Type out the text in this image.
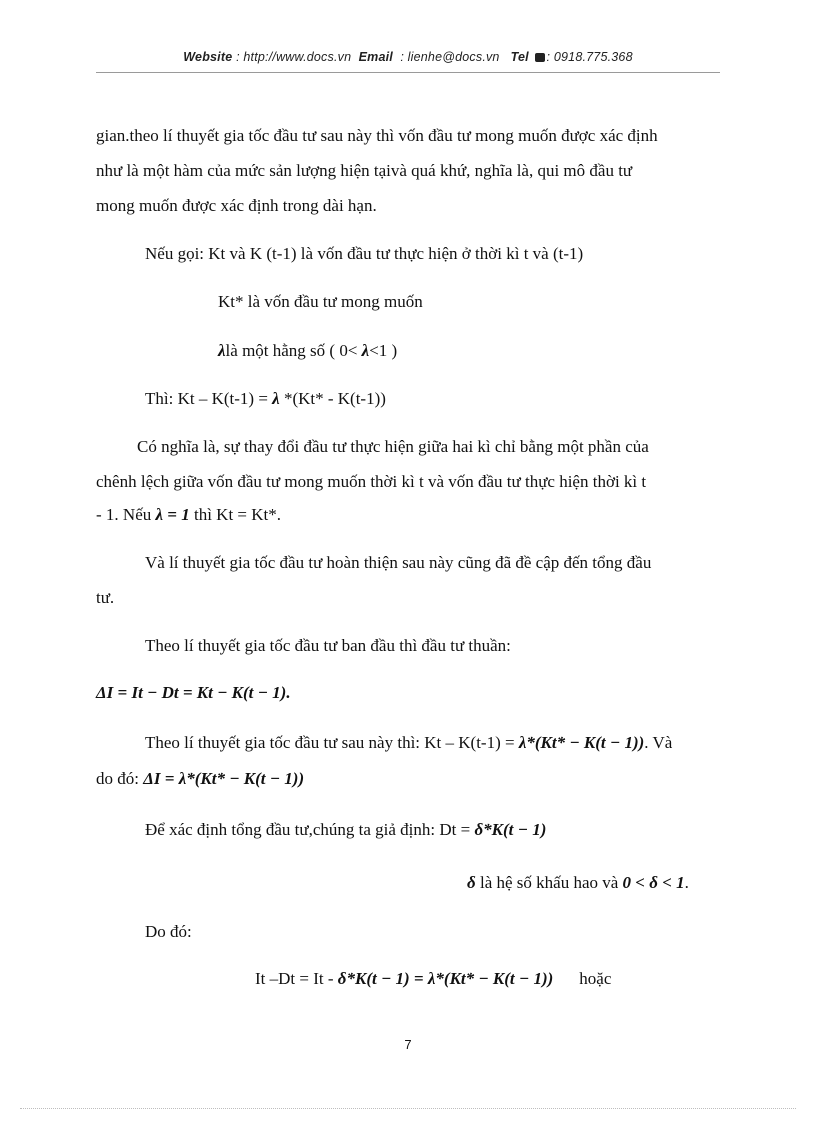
Website : http://www.docs.vn Email : lienhe@docs.vn Tel : 0918.775.368
gian.theo lí thuyết gia tốc đầu tư sau này thì vốn đầu tư mong muốn được xác định
như là một hàm của mức sản lượng hiện tạivà quá khứ, nghĩa là, qui mô đầu tư
mong muốn được xác định trong dài hạn.
Nếu gọi: Kt và K (t-1) là vốn đầu tư thực hiện ở thời kì t và (t-1)
Kt* là vốn đầu tư mong muốn
λlà một hằng số ( 0< λ<1 )
Thì: Kt – K(t-1) = λ *(Kt* - K(t-1))
Có nghĩa là, sự thay đổi đầu tư thực hiện giữa hai kì chỉ bằng một phần của
chênh lệch giữa vốn đầu tư mong muốn thời kì t và vốn đầu tư thực hiện thời kì t
- 1. Nếu λ = 1 thì Kt = Kt*.
Và lí thuyết gia tốc đầu tư hoàn thiện sau này cũng đã đề cập đến tổng đầu
tư.
Theo lí thuyết gia tốc đầu tư ban đầu thì đầu tư thuần:
ΔI = It − Dt = Kt − K(t − 1).
Theo lí thuyết gia tốc đầu tư sau này thì: Kt – K(t-1) = λ*(Kt* − K(t − 1)). Và
do đó: ΔI = λ*(Kt* − K(t − 1))
Để xác định tổng đầu tư,chúng ta giả định: Dt = δ*K(t − 1)
δ là hệ số khấu hao và 0 < δ < 1.
Do đó:
It –Dt = It - δ*K(t − 1) = λ*(Kt* − K(t − 1)) hoặc
7
